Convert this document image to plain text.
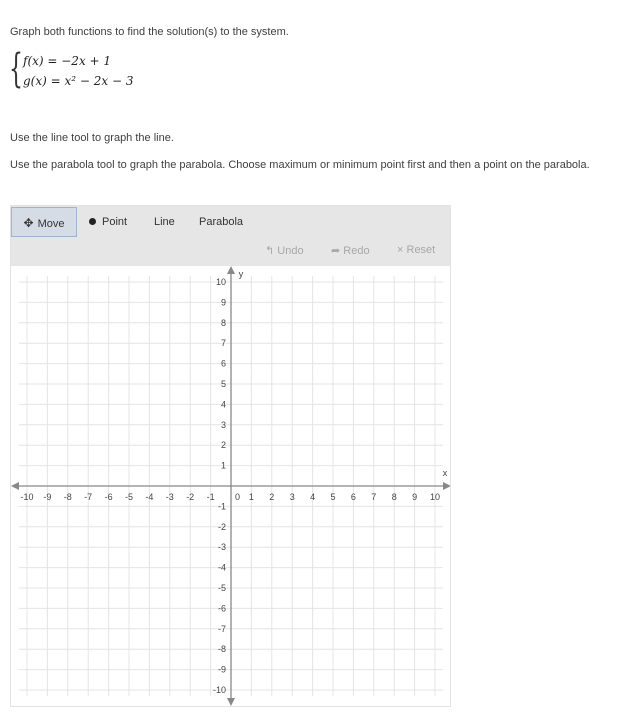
Graph both functions to find the solution(s) to the system.
{ f(x) = −2x + 1
g(x) = x² − 2x − 3
Use the line tool to graph the line.
Use the parabola tool to graph the parabola. Choose maximum or minimum point first and then a point on the parabola.
✥ Move	Point	Line	Parabola
↰ Undo ➦ Redo × Reset
x
y
-10 -9 -8 -7 -6 -5 -4 -3 -2 -1	1 2 3 4 5 6 7 8 9 10
10
9
8
7
6
5
4
3
2
1
-1
-2
-3
-4
-5
-6
-7
-8
-9
-10
0
